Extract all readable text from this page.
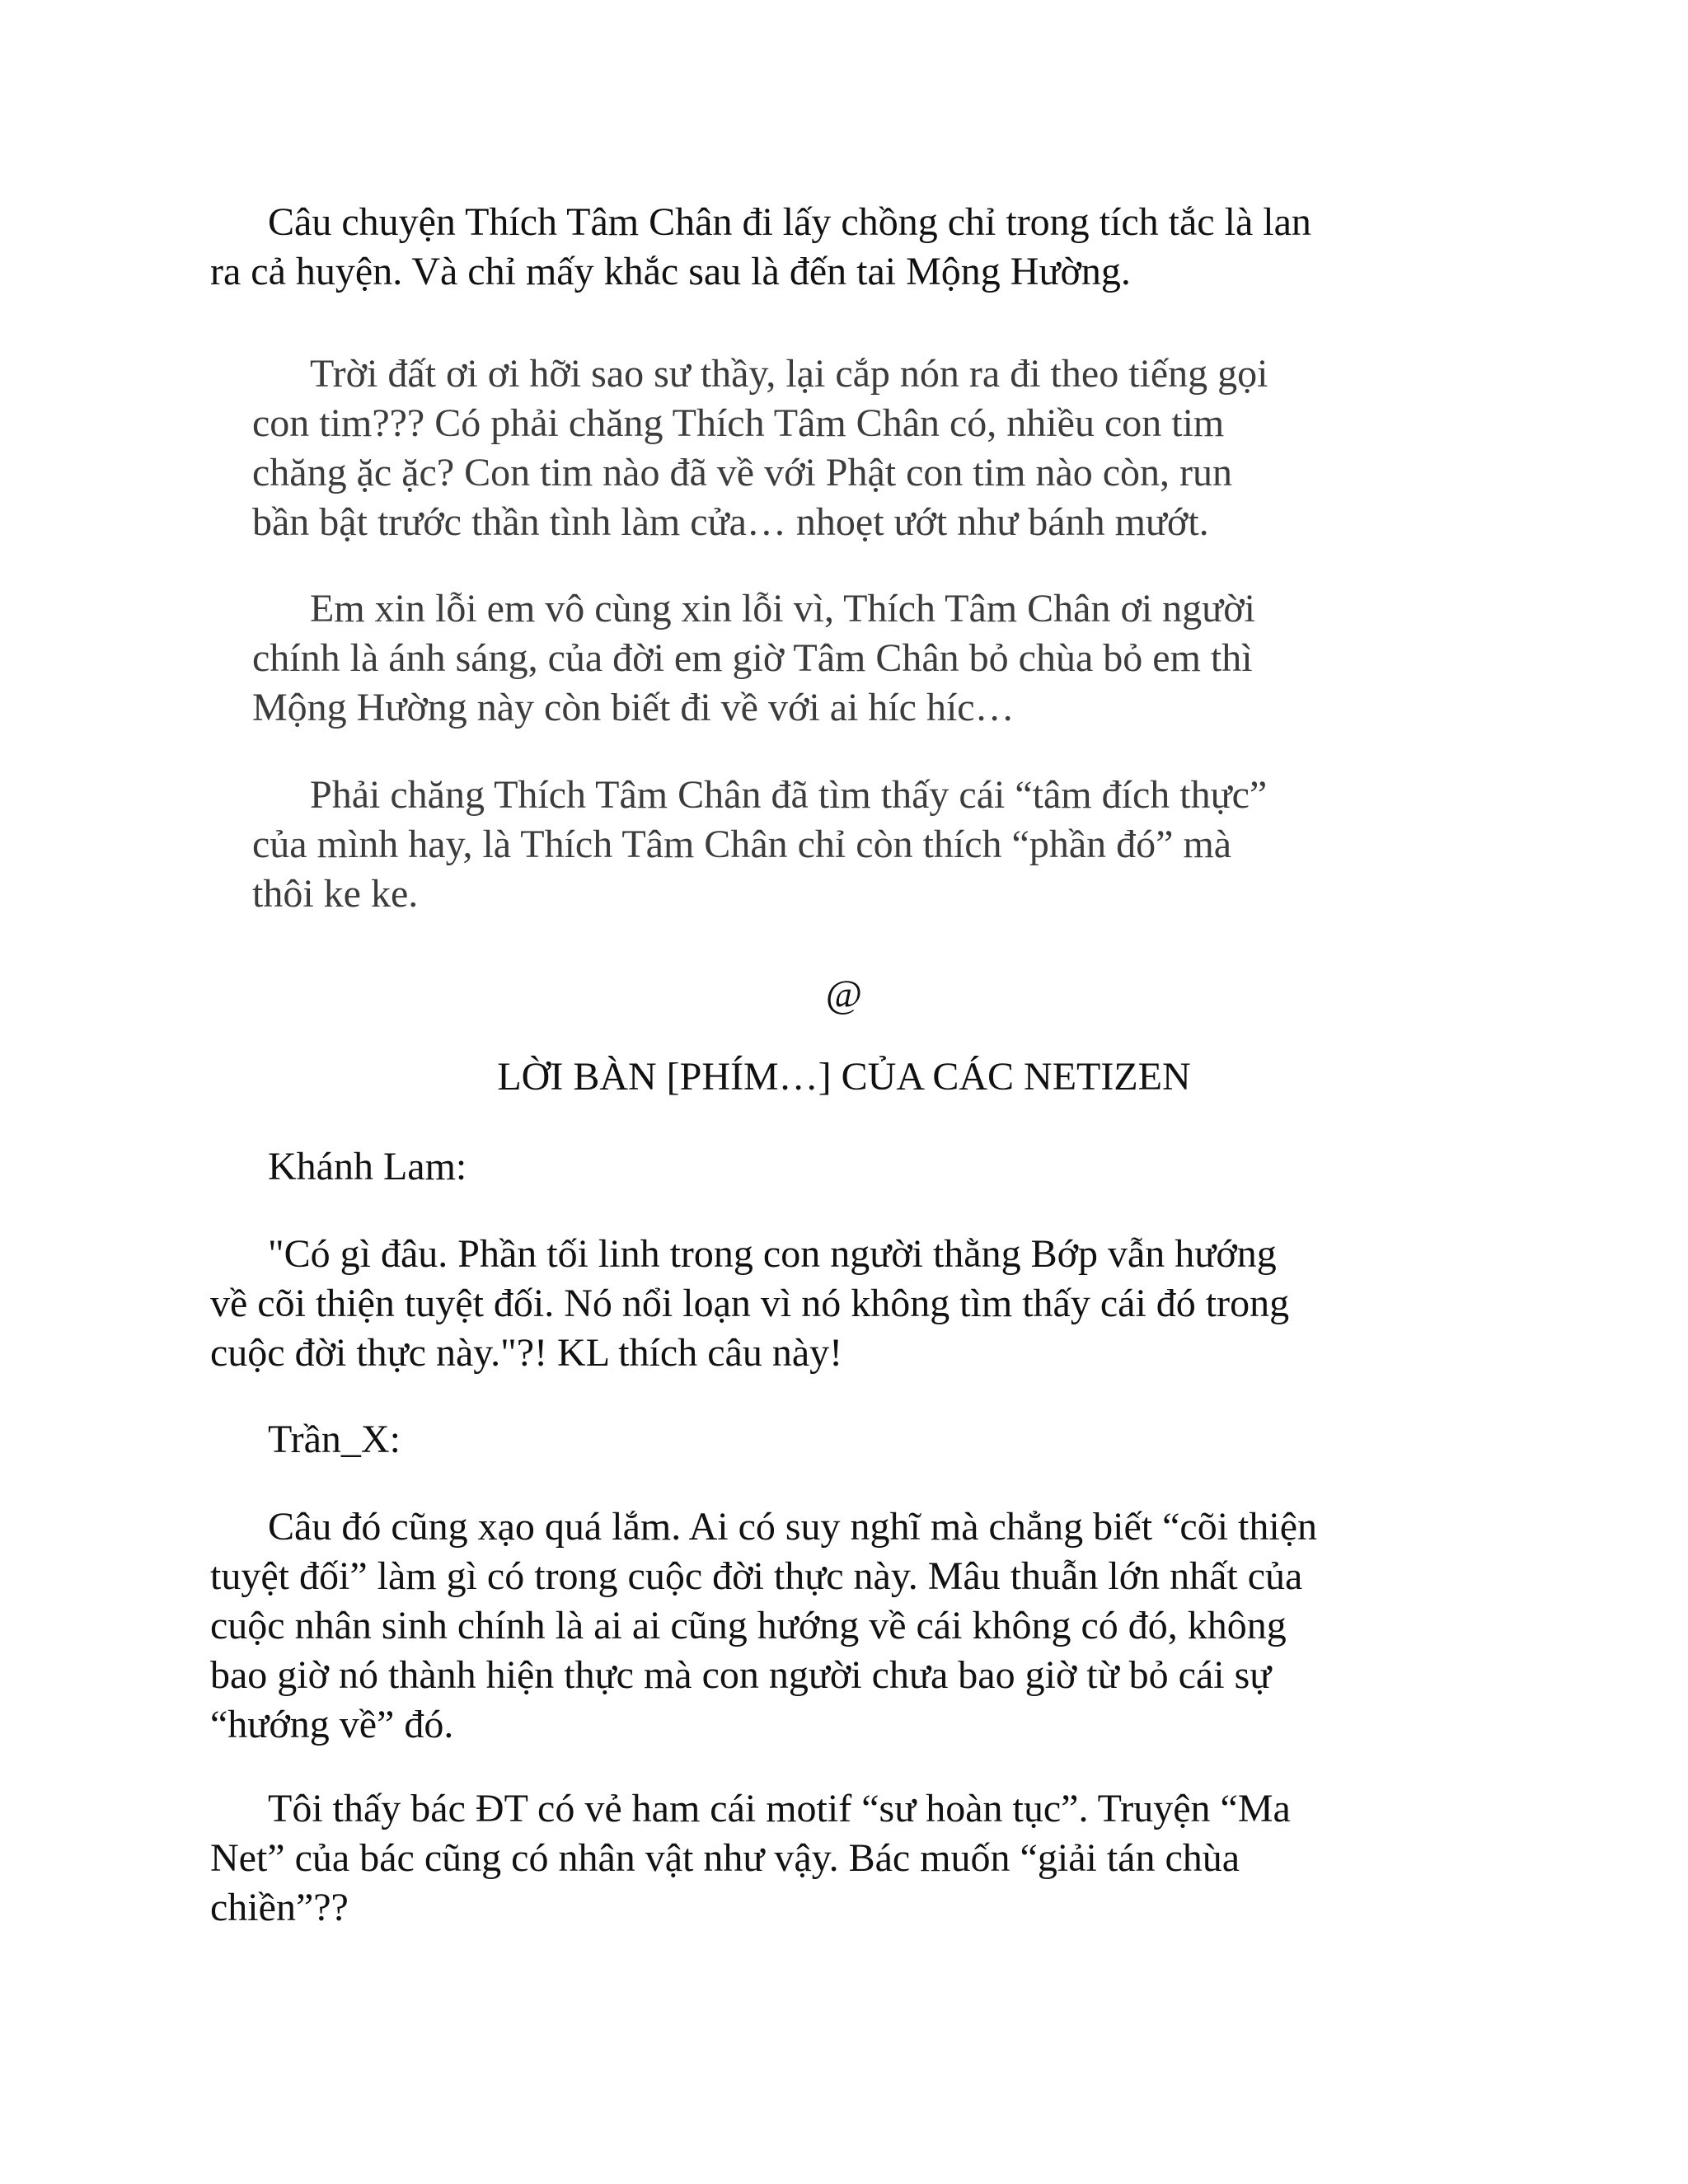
Câu chuyện Thích Tâm Chân đi lấy chồng chỉ trong tích tắc là lan
ra cả huyện. Và chỉ mấy khắc sau là đến tai Mộng Hường.

Trời đất ơi ơi hỡi sao sư thầy, lại cắp nón ra đi theo tiếng gọi
con tim??? Có phải chăng Thích Tâm Chân có, nhiều con tim
chăng ặc ặc? Con tim nào đã về với Phật con tim nào còn, run
bần bật trước thần tình làm cửa… nhoẹt ướt như bánh mướt.

Em xin lỗi em vô cùng xin lỗi vì, Thích Tâm Chân ơi người
chính là ánh sáng, của đời em giờ Tâm Chân bỏ chùa bỏ em thì
Mộng Hường này còn biết đi về với ai híc híc…

Phải chăng Thích Tâm Chân đã tìm thấy cái “tâm đích thực”
của mình hay, là Thích Tâm Chân chỉ còn thích “phần đó” mà
thôi ke ke.

@

LỜI BÀN [PHÍM…] CỦA CÁC NETIZEN

Khánh Lam:

"Có gì đâu. Phần tối linh trong con người thằng Bớp vẫn hướng
về cõi thiện tuyệt đối. Nó nổi loạn vì nó không tìm thấy cái đó trong
cuộc đời thực này."?! KL thích câu này!

Trần_X:

Câu đó cũng xạo quá lắm. Ai có suy nghĩ mà chẳng biết “cõi thiện
tuyệt đối” làm gì có trong cuộc đời thực này. Mâu thuẫn lớn nhất của
cuộc nhân sinh chính là ai ai cũng hướng về cái không có đó, không
bao giờ nó thành hiện thực mà con người chưa bao giờ từ bỏ cái sự
“hướng về” đó.

Tôi thấy bác ĐT có vẻ ham cái motif “sư hoàn tục”. Truyện “Ma
Net” của bác cũng có nhân vật như vậy. Bác muốn “giải tán chùa
chiền”??
